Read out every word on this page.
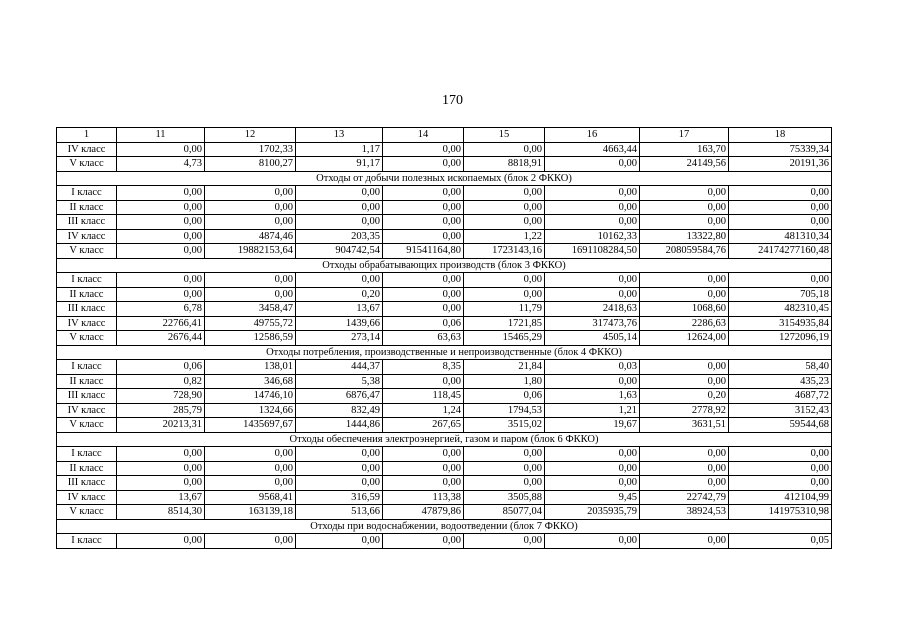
170
1	11	12	13	14	15	16	17	18
IV класс	0,00	1702,33	1,17	0,00	0,00	4663,44	163,70	75339,34
V класс	4,73	8100,27	91,17	0,00	8818,91	0,00	24149,56	20191,36
Отходы от добычи полезных ископаемых (блок 2 ФККО)								
I класс	0,00	0,00	0,00	0,00	0,00	0,00	0,00	0,00
II класс	0,00	0,00	0,00	0,00	0,00	0,00	0,00	0,00
III класс	0,00	0,00	0,00	0,00	0,00	0,00	0,00	0,00
IV класс	0,00	4874,46	203,35	0,00	1,22	10162,33	13322,80	481310,34
V класс	0,00	19882153,64	904742,54	91541164,80	1723143,16	1691108284,50	208059584,76	24174277160,48
Отходы обрабатывающих производств (блок 3 ФККО)								
I класс	0,00	0,00	0,00	0,00	0,00	0,00	0,00	0,00
II класс	0,00	0,00	0,20	0,00	0,00	0,00	0,00	705,18
III класс	6,78	3458,47	13,67	0,00	11,79	2418,63	1068,60	482310,45
IV класс	22766,41	49755,72	1439,66	0,06	1721,85	317473,76	2286,63	3154935,84
V класс	2676,44	12586,59	273,14	63,63	15465,29	4505,14	12624,00	1272096,19
Отходы потребления, производственные и непроизводственные (блок 4 ФККО)								
I класс	0,06	138,01	444,37	8,35	21,84	0,03	0,00	58,40
II класс	0,82	346,68	5,38	0,00	1,80	0,00	0,00	435,23
III класс	728,90	14746,10	6876,47	118,45	0,06	1,63	0,20	4687,72
IV класс	285,79	1324,66	832,49	1,24	1794,53	1,21	2778,92	3152,43
V класс	20213,31	1435697,67	1444,86	267,65	3515,02	19,67	3631,51	59544,68
Отходы обеспечения электроэнергией, газом и паром (блок 6 ФККО)								
I класс	0,00	0,00	0,00	0,00	0,00	0,00	0,00	0,00
II класс	0,00	0,00	0,00	0,00	0,00	0,00	0,00	0,00
III класс	0,00	0,00	0,00	0,00	0,00	0,00	0,00	0,00
IV класс	13,67	9568,41	316,59	113,38	3505,88	9,45	22742,79	412104,99
V класс	8514,30	163139,18	513,66	47879,86	85077,04	2035935,79	38924,53	141975310,98
Отходы при водоснабжении, водоотведении (блок 7 ФККО)								
I класс	0,00	0,00	0,00	0,00	0,00	0,00	0,00	0,05
